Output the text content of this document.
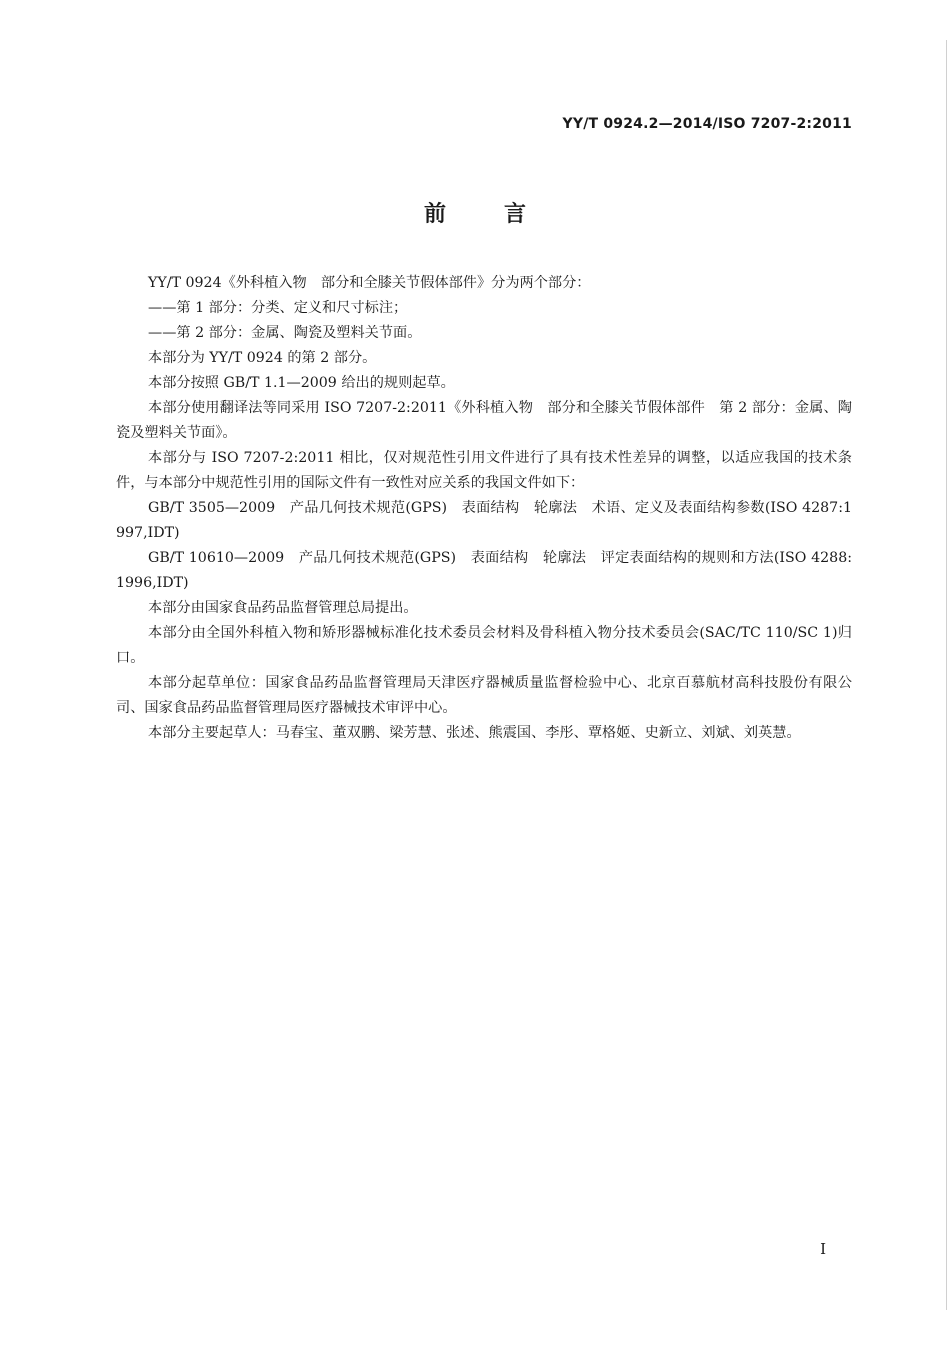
YY/T 0924.2—2014/ISO 7207-2:2011
前言

YY/T 0924《外科植入物　部分和全膝关节假体部件》分为两个部分：

——第 1 部分：分类、定义和尺寸标注；

——第 2 部分：金属、陶瓷及塑料关节面。

本部分为 YY/T 0924 的第 2 部分。

本部分按照 GB/T 1.1—2009 给出的规则起草。

本部分使用翻译法等同采用 ISO 7207-2:2011《外科植入物　部分和全膝关节假体部件　第 2 部分：金属、陶瓷及塑料关节面》。

本部分与 ISO 7207-2:2011 相比，仅对规范性引用文件进行了具有技术性差异的调整，以适应我国的技术条件，与本部分中规范性引用的国际文件有一致性对应关系的我国文件如下：

GB/T 3505—2009　产品几何技术规范(GPS)　表面结构　轮廓法　术语、定义及表面结构参数(ISO 4287:1997,IDT)

GB/T 10610—2009　产品几何技术规范(GPS)　表面结构　轮廓法　评定表面结构的规则和方法(ISO 4288:1996,IDT)

本部分由国家食品药品监督管理总局提出。

本部分由全国外科植入物和矫形器械标准化技术委员会材料及骨科植入物分技术委员会(SAC/TC 110/SC 1)归口。

本部分起草单位：国家食品药品监督管理局天津医疗器械质量监督检验中心、北京百慕航材高科技股份有限公司、国家食品药品监督管理局医疗器械技术审评中心。

本部分主要起草人：马春宝、董双鹏、梁芳慧、张述、熊震国、李彤、覃格姬、史新立、刘斌、刘英慧。

I
